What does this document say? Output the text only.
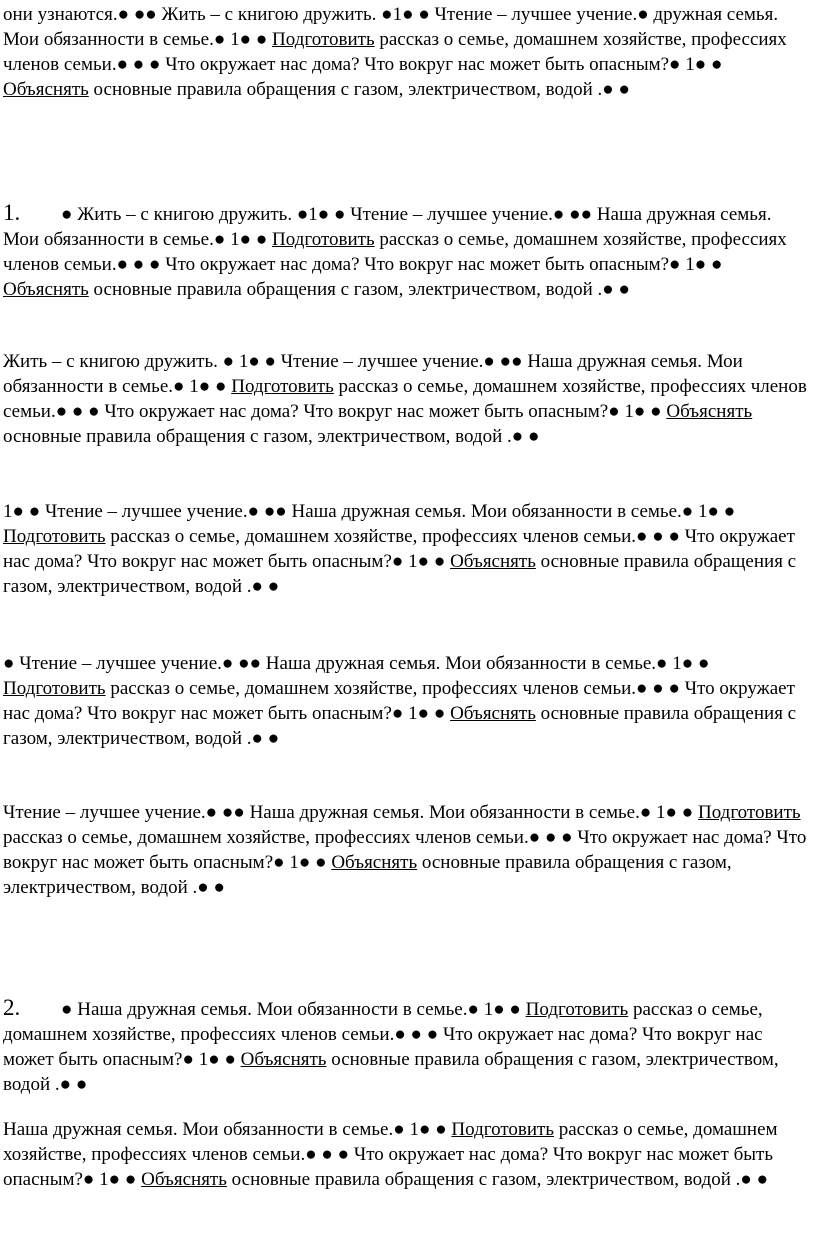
они узнаются.● ●● Жить – с книгою дружить. ●1● ● Чтение – лучшее учение.● дружная семья. Мои обязанности в семье.● 1● ● Подготовить рассказ о семье, домашнем хозяйстве, профессиях членов семьи.● ● ● Что окружает нас дома? Что вокруг нас может быть опасным?● 1● ● Объяснять основные правила обращения с газом, электричеством, водой .● ●

1. ● Жить – с книгою дружить. ●1● ● Чтение – лучшее учение.● ●● Наша дружная семья. Мои обязанности в семье.● 1● ● Подготовить рассказ о семье, домашнем хозяйстве, профессиях членов семьи.● ● ● Что окружает нас дома? Что вокруг нас может быть опасным?● 1● ● Объяснять основные правила обращения с газом, электричеством, водой .● ●

Жить – с книгою дружить. ● 1● ● Чтение – лучшее учение.● ●● Наша дружная семья. Мои обязанности в семье.● 1● ● Подготовить рассказ о семье, домашнем хозяйстве, профессиях членов семьи.● ● ● Что окружает нас дома? Что вокруг нас может быть опасным?● 1● ● Объяснять основные правила обращения с газом, электричеством, водой .● ●

1● ● Чтение – лучшее учение.● ●● Наша дружная семья. Мои обязанности в семье.● 1● ● Подготовить рассказ о семье, домашнем хозяйстве, профессиях членов семьи.● ● ● Что окружает нас дома? Что вокруг нас может быть опасным?● 1● ● Объяснять основные правила обращения с газом, электричеством, водой .● ●

● Чтение – лучшее учение.● ●● Наша дружная семья. Мои обязанности в семье.● 1● ● Подготовить рассказ о семье, домашнем хозяйстве, профессиях членов семьи.● ● ● Что окружает нас дома? Что вокруг нас может быть опасным?● 1● ● Объяснять основные правила обращения с газом, электричеством, водой .● ●

Чтение – лучшее учение.● ●● Наша дружная семья. Мои обязанности в семье.● 1● ● Подготовить рассказ о семье, домашнем хозяйстве, профессиях членов семьи.● ● ● Что окружает нас дома? Что вокруг нас может быть опасным?● 1● ● Объяснять основные правила обращения с газом, электричеством, водой .● ●

2. ● Наша дружная семья. Мои обязанности в семье.● 1● ● Подготовить рассказ о семье, домашнем хозяйстве, профессиях членов семьи.● ● ● Что окружает нас дома? Что вокруг нас может быть опасным?● 1● ● Объяснять основные правила обращения с газом, электричеством, водой .● ●

Наша дружная семья. Мои обязанности в семье.● 1● ● Подготовить рассказ о семье, домашнем хозяйстве, профессиях членов семьи.● ● ● Что окружает нас дома? Что вокруг нас может быть опасным?● 1● ● Объяснять основные правила обращения с газом, электричеством, водой .● ●
